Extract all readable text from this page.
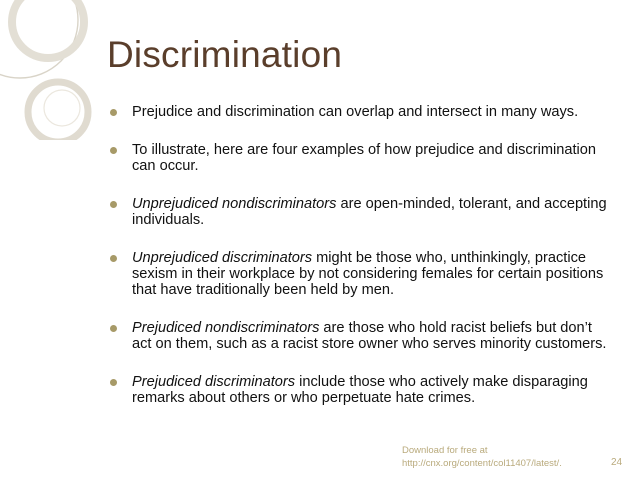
Discrimination
Prejudice and discrimination can overlap and intersect in many ways.
To illustrate, here are four examples of how prejudice and discrimination can occur.
Unprejudiced nondiscriminators are open-minded, tolerant, and accepting individuals.
Unprejudiced discriminators might be those who, unthinkingly, practice sexism in their workplace by not considering females for certain positions that have traditionally been held by men.
Prejudiced nondiscriminators are those who hold racist beliefs but don’t act on them, such as a racist store owner who serves minority customers.
Prejudiced discriminators include those who actively make disparaging remarks about others or who perpetuate hate crimes.
Download for free at
http://cnx.org/content/col11407/latest/.	24
